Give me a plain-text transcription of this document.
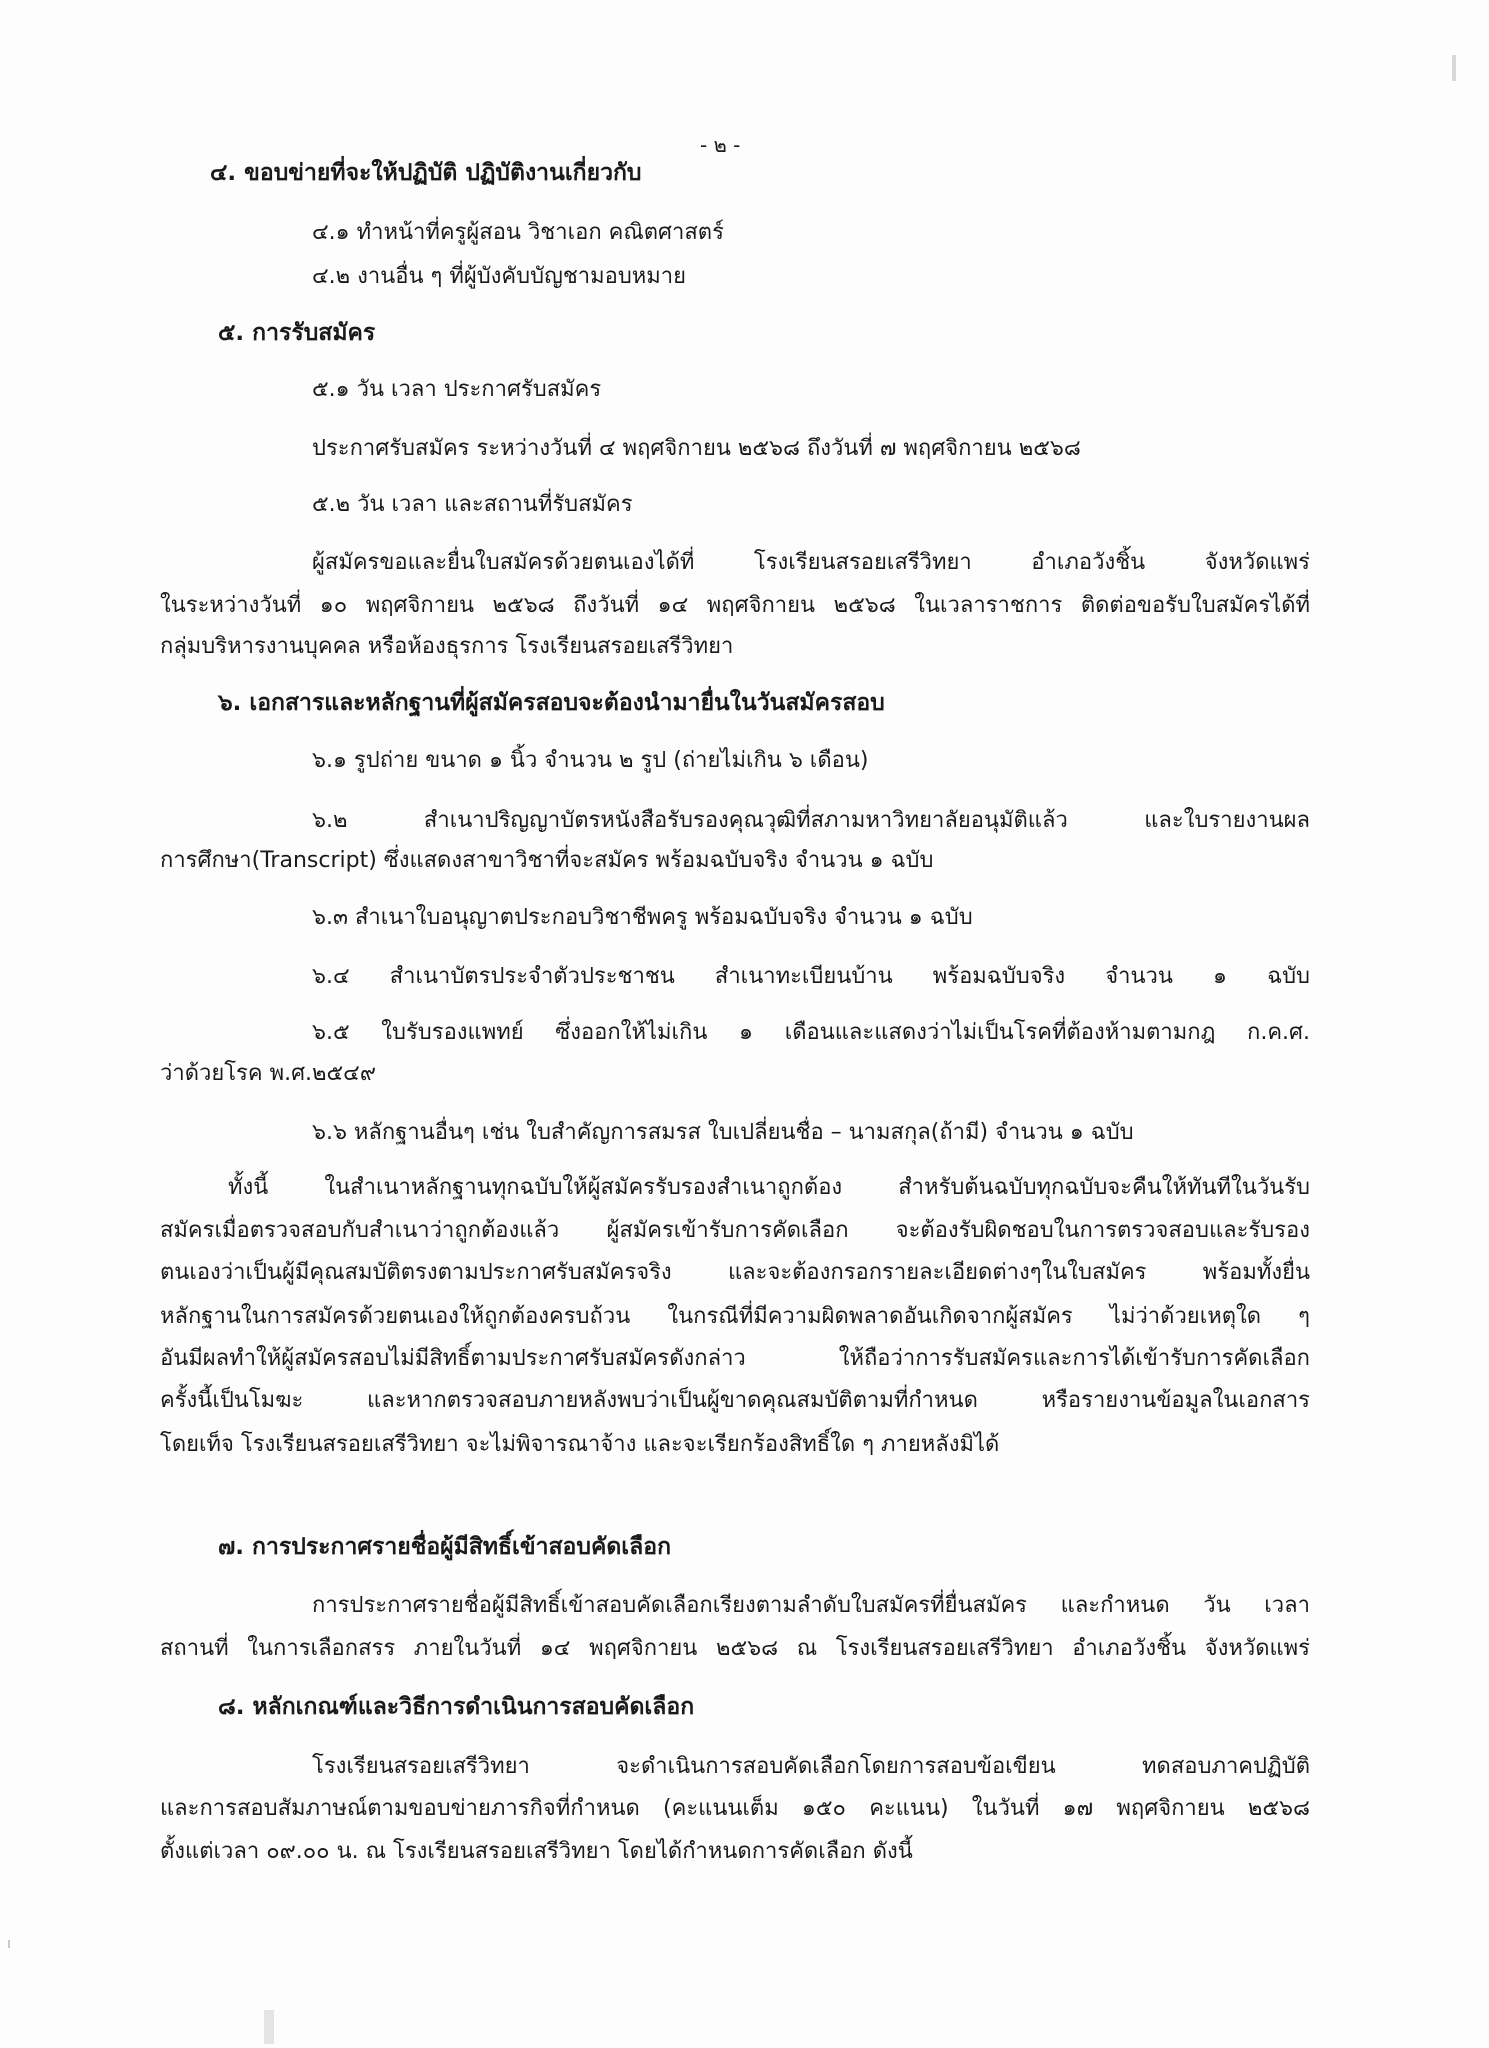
- ๒ -
๔. ขอบข่ายที่จะให้ปฏิบัติ ปฏิบัติงานเกี่ยวกับ
๔.๑ ทำหน้าที่ครูผู้สอน วิชาเอก คณิตศาสตร์
๔.๒ งานอื่น ๆ ที่ผู้บังคับบัญชามอบหมาย
๕. การรับสมัคร
๕.๑ วัน เวลา ประกาศรับสมัคร
ประกาศรับสมัคร ระหว่างวันที่ ๔ พฤศจิกายน ๒๕๖๘ ถึงวันที่ ๗ พฤศจิกายน ๒๕๖๘
๕.๒ วัน เวลา และสถานที่รับสมัคร
ผู้สมัครขอและยื่นใบสมัครด้วยตนเองได้ที่ โรงเรียนสรอยเสรีวิทยา อำเภอวังชิ้น จังหวัดแพร่
ในระหว่างวันที่ ๑๐ พฤศจิกายน ๒๕๖๘ ถึงวันที่ ๑๔ พฤศจิกายน ๒๕๖๘ ในเวลาราชการ ติดต่อขอรับใบสมัครได้ที่
กลุ่มบริหารงานบุคคล หรือห้องธุรการ โรงเรียนสรอยเสรีวิทยา
๖. เอกสารและหลักฐานที่ผู้สมัครสอบจะต้องนำมายื่นในวันสมัครสอบ
๖.๑ รูปถ่าย ขนาด ๑ นิ้ว จำนวน ๒ รูป (ถ่ายไม่เกิน ๖ เดือน)
๖.๒ สำเนาปริญญาบัตรหนังสือรับรองคุณวุฒิที่สภามหาวิทยาลัยอนุมัติแล้ว และใบรายงานผล
การศึกษา(Transcript) ซึ่งแสดงสาขาวิชาที่จะสมัคร พร้อมฉบับจริง จำนวน ๑ ฉบับ
๖.๓ สำเนาใบอนุญาตประกอบวิชาชีพครู พร้อมฉบับจริง จำนวน ๑ ฉบับ
๖.๔ สำเนาบัตรประจำตัวประชาชน สำเนาทะเบียนบ้าน พร้อมฉบับจริง จำนวน ๑ ฉบับ
๖.๕ ใบรับรองแพทย์ ซึ่งออกให้ไม่เกิน ๑ เดือนและแสดงว่าไม่เป็นโรคที่ต้องห้ามตามกฎ ก.ค.ศ.
ว่าด้วยโรค พ.ศ.๒๕๔๙
๖.๖ หลักฐานอื่นๆ เช่น ใบสำคัญการสมรส ใบเปลี่ยนชื่อ – นามสกุล(ถ้ามี) จำนวน ๑ ฉบับ
ทั้งนี้ ในสำเนาหลักฐานทุกฉบับให้ผู้สมัครรับรองสำเนาถูกต้อง สำหรับต้นฉบับทุกฉบับจะคืนให้ทันทีในวันรับ
สมัครเมื่อตรวจสอบกับสำเนาว่าถูกต้องแล้ว ผู้สมัครเข้ารับการคัดเลือก จะต้องรับผิดชอบในการตรวจสอบและรับรอง
ตนเองว่าเป็นผู้มีคุณสมบัติตรงตามประกาศรับสมัครจริง และจะต้องกรอกรายละเอียดต่างๆในใบสมัคร พร้อมทั้งยื่น
หลักฐานในการสมัครด้วยตนเองให้ถูกต้องครบถ้วน ในกรณีที่มีความผิดพลาดอันเกิดจากผู้สมัคร ไม่ว่าด้วยเหตุใด ๆ
อันมีผลทำให้ผู้สมัครสอบไม่มีสิทธิ์ตามประกาศรับสมัครดังกล่าว ให้ถือว่าการรับสมัครและการได้เข้ารับการคัดเลือก
ครั้งนี้เป็นโมฆะ และหากตรวจสอบภายหลังพบว่าเป็นผู้ขาดคุณสมบัติตามที่กำหนด หรือรายงานข้อมูลในเอกสาร
โดยเท็จ โรงเรียนสรอยเสรีวิทยา จะไม่พิจารณาจ้าง และจะเรียกร้องสิทธิ์ใด ๆ ภายหลังมิได้
๗. การประกาศรายชื่อผู้มีสิทธิ์เข้าสอบคัดเลือก
การประกาศรายชื่อผู้มีสิทธิ์เข้าสอบคัดเลือกเรียงตามลำดับใบสมัครที่ยื่นสมัคร และกำหนด วัน เวลา
สถานที่ ในการเลือกสรร ภายในวันที่ ๑๔ พฤศจิกายน ๒๕๖๘ ณ โรงเรียนสรอยเสรีวิทยา อำเภอวังชิ้น จังหวัดแพร่
๘. หลักเกณฑ์และวิธีการดำเนินการสอบคัดเลือก
โรงเรียนสรอยเสรีวิทยา จะดำเนินการสอบคัดเลือกโดยการสอบข้อเขียน ทดสอบภาคปฏิบัติ
และการสอบสัมภาษณ์ตามขอบข่ายภารกิจที่กำหนด (คะแนนเต็ม ๑๕๐ คะแนน) ในวันที่ ๑๗ พฤศจิกายน ๒๕๖๘
ตั้งแต่เวลา ๐๙.๐๐ น. ณ โรงเรียนสรอยเสรีวิทยา โดยได้กำหนดการคัดเลือก ดังนี้
